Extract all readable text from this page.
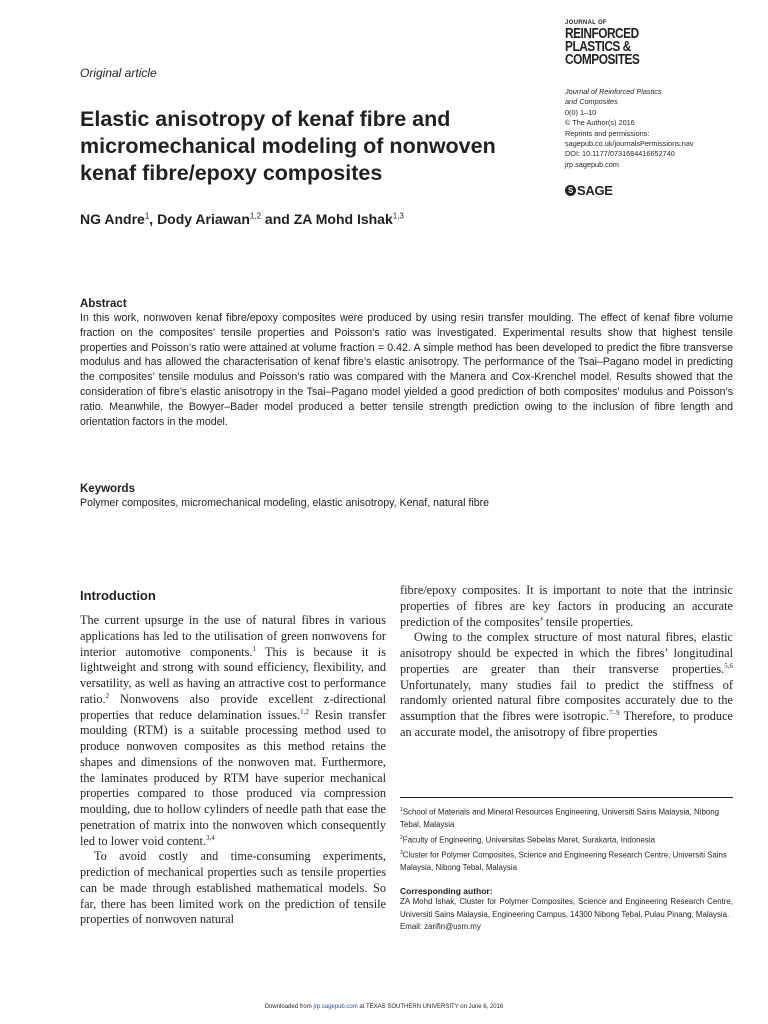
Original article
JOURNAL OF
REINFORCED
PLASTICS &
COMPOSITES
Journal of Reinforced Plastics
and Composites
0(0) 1–10
© The Author(s) 2016
Reprints and permissions:
sagepub.co.uk/journalsPermissions.nav
DOI: 10.1177/0731684416652740
jrp.sagepub.com
S SAGE
Elastic anisotropy of kenaf fibre and micromechanical modeling of nonwoven kenaf fibre/epoxy composites
NG Andre$^1$, Dody Ariawan$^{1,2}$ and ZA Mohd Ishak$^{1,3}$

Abstract

In this work, nonwoven kenaf fibre/epoxy composites were produced by using resin transfer moulding. The effect of kenaf fibre volume fraction on the composites’ tensile properties and Poisson’s ratio was investigated. Experimental results show that highest tensile properties and Poisson’s ratio were attained at volume fraction = 0.42. A simple method has been developed to predict the fibre transverse modulus and has allowed the characterisation of kenaf fibre’s elastic anisotropy. The performance of the Tsai–Pagano model in predicting the composites’ tensile modulus and Poisson’s ratio was compared with the Manera and Cox-Krenchel model. Results showed that the consideration of fibre’s elastic anisotropy in the Tsai–Pagano model yielded a good prediction of both composites’ modulus and Poisson’s ratio. Meanwhile, the Bowyer–Bader model produced a better tensile strength prediction owing to the inclusion of fibre length and orientation factors in the model.

Keywords

Polymer composites, micromechanical modeling, elastic anisotropy, Kenaf, natural fibre

Introduction

The current upsurge in the use of natural fibres in various applications has led to the utilisation of green nonwovens for interior automotive components.$^1$ This is because it is lightweight and strong with sound efficiency, flexibility, and versatility, as well as having an attractive cost to performance ratio.$^2$ Nonwovens also provide excellent z-directional properties that reduce delamination issues.$^{1,2}$ Resin transfer moulding (RTM) is a suitable processing method used to produce nonwoven composites as this method retains the shapes and dimensions of the nonwoven mat. Furthermore, the laminates produced by RTM have superior mechanical properties compared to those produced via compression moulding, due to hollow cylinders of needle path that ease the penetration of matrix into the nonwoven which consequently led to lower void content.$^{3,4}$

To avoid costly and time-consuming experiments, prediction of mechanical properties such as tensile properties can be made through established mathematical models. So far, there has been limited work on the prediction of tensile properties of nonwoven natural

fibre/epoxy composites. It is important to note that the intrinsic properties of fibres are key factors in producing an accurate prediction of the composites’ tensile properties.

Owing to the complex structure of most natural fibres, elastic anisotropy should be expected in which the fibres’ longitudinal properties are greater than their transverse properties.$^{5,6}$ Unfortunately, many studies fail to predict the stiffness of randomly oriented natural fibre composites accurately due to the assumption that the fibres were isotropic.$^{7-9}$ Therefore, to produce an accurate model, the anisotropy of fibre properties

$^1$School of Materials and Mineral Resources Engineering, Universiti Sains Malaysia, Nibong Tebal, Malaysia

$^2$Faculty of Engineering, Universitas Sebelas Maret, Surakarta, Indonesia

$^3$Cluster for Polymer Composites, Science and Engineering Research Centre, Universiti Sains Malaysia, Nibong Tebal, Malaysia

Corresponding author:

ZA Mohd Ishak, Cluster for Polymer Composites, Science and Engineering Research Centre, Universiti Sains Malaysia, Engineering Campus, 14300 Nibong Tebal, Pulau Pinang, Malaysia.

Email: zarifin@usm.my

Downloaded from jrp.sagepub.com at TEXAS SOUTHERN UNIVERSITY on June 6, 2016
